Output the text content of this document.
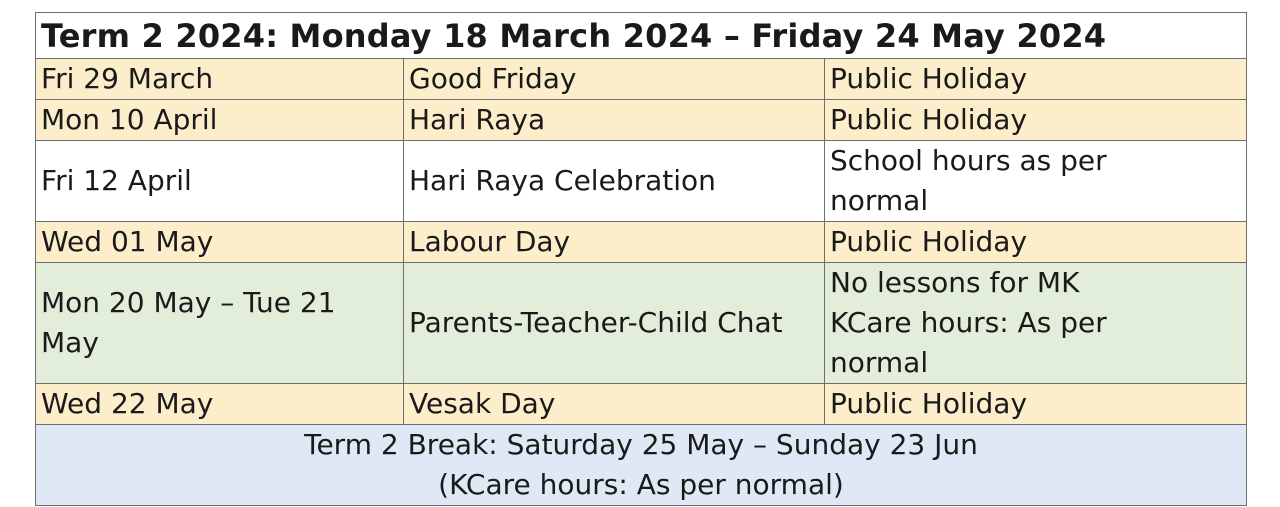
Term 2 2024: Monday 18 March 2024 – Friday 24 May 2024		
Fri 29 March	Good Friday	Public Holiday
Mon 10 April	Hari Raya	Public Holiday
Fri 12 April	Hari Raya Celebration	School hours as per normal
Wed 01 May	Labour Day	Public Holiday
Mon 20 May – Tue 21 May	Parents-Teacher-Child Chat	No lessons for MK KCare hours: As per normal
Wed 22 May	Vesak Day	Public Holiday

Term 2 Break: Saturday 25 May – Sunday 23 Jun
(KCare hours: As per normal)		
